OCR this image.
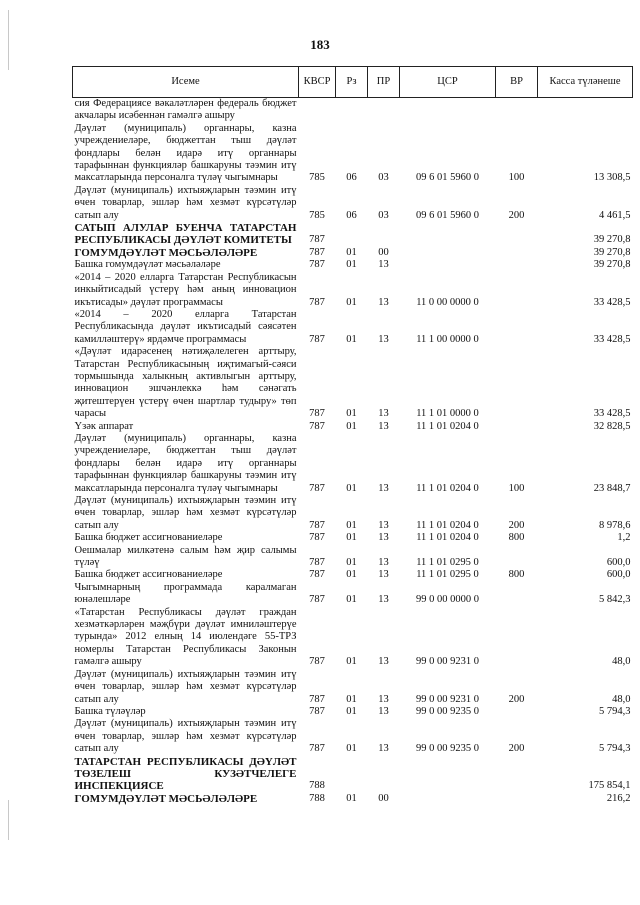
183
Исеме	КВСР	Рз	ПР	ЦСР	ВР	Касса түләнеше
сия Федерациясе вәкаләтләрен федераль бюджет акчалары исәбеннән гамәлгә ашыру						
Дәүләт (муниципаль) органнары, казна учреждениеләре, бюджеттан тыш дәүләт фондлары белән идарә итү органнары тарафыннан функцияләр башкаруны тәэмин итү максатларында персоналга түләү чыгымнары	785	06	03	09 6 01 5960 0	100	13 308,5
Дәүләт (муниципаль) ихтыяҗларын тәэмин итү өчен товарлар, эшләр һәм хезмәт күрсәтүләр сатып алу	785	06	03	09 6 01 5960 0	200	4 461,5
САТЫП АЛУЛАР БУЕНЧА ТАТАРСТАН РЕСПУБЛИКАСЫ ДӘҮЛӘТ КОМИТЕТЫ	787					39 270,8
ГОМУМДӘҮЛӘТ МӘСЬӘЛӘЛӘРЕ	787	01	00			39 270,8
Башка гомумдәүләт мәсьәләләре	787	01	13			39 270,8
«2014 – 2020 елларга Татарстан Республикасын инкыйтисадый үстерү һәм аның инновацион икътисады» дәүләт программасы	787	01	13	11 0 00 0000 0		33 428,5
«2014 – 2020 елларга Татарстан Республикасында дәүләт икътисадый сәясәтен камилләштерү» ярдәмче программасы	787	01	13	11 1 00 0000 0		33 428,5
«Дәүләт идарәсенең нәтиҗәлелеген арттыру, Татарстан Республикасының иҗтимагый-сәяси тормышында халыкның активлыгын арттыру, инновацион эшчәнлеккә һәм сәнәгать җитештерүен үстерү өчен шартлар тудыру» төп чарасы	787	01	13	11 1 01 0000 0		33 428,5
Үзәк аппарат	787	01	13	11 1 01 0204 0		32 828,5
Дәүләт (муниципаль) органнары, казна учреждениеләре, бюджеттан тыш дәүләт фондлары белән идарә итү органнары тарафыннан функцияләр башкаруны тәэмин итү максатларында персоналга түләү чыгымнары	787	01	13	11 1 01 0204 0	100	23 848,7
Дәүләт (муниципаль) ихтыяҗларын тәэмин итү өчен товарлар, эшләр һәм хезмәт күрсәтүләр сатып алу	787	01	13	11 1 01 0204 0	200	8 978,6
Башка бюджет ассигнованиеләре	787	01	13	11 1 01 0204 0	800	1,2
Оешмалар милкәтенә салым һәм җир салымы түләү	787	01	13	11 1 01 0295 0		600,0
Башка бюджет ассигнованиеләре	787	01	13	11 1 01 0295 0	800	600,0
Чыгымнарның программада каралмаган юнәлешләре	787	01	13	99 0 00 0000 0		5 842,3
«Татарстан Республикасы дәүләт граждан хезмәткәрләрен мәҗбүри дәүләт имниләштерүе турында» 2012 елның 14 июлендәге 55-ТРЗ номерлы Татарстан Республикасы Законын гамәлгә ашыру	787	01	13	99 0 00 9231 0		48,0
Дәүләт (муниципаль) ихтыяҗларын тәэмин итү өчен товарлар, эшләр һәм хезмәт күрсәтүләр сатып алу	787	01	13	99 0 00 9231 0	200	48,0
Башка түләүләр	787	01	13	99 0 00 9235 0		5 794,3
Дәүләт (муниципаль) ихтыяҗларын тәэмин итү өчен товарлар, эшләр һәм хезмәт күрсәтүләр сатып алу	787	01	13	99 0 00 9235 0	200	5 794,3
ТАТАРСТАН РЕСПУБЛИКАСЫ ДӘҮЛӘТ ТӨЗЕЛЕШ КУЗӘТЧЕЛЕГЕ ИНСПЕКЦИЯСЕ	788					175 854,1
ГОМУМДӘҮЛӘТ МӘСЬӘЛӘЛӘРЕ	788	01	00			216,2
